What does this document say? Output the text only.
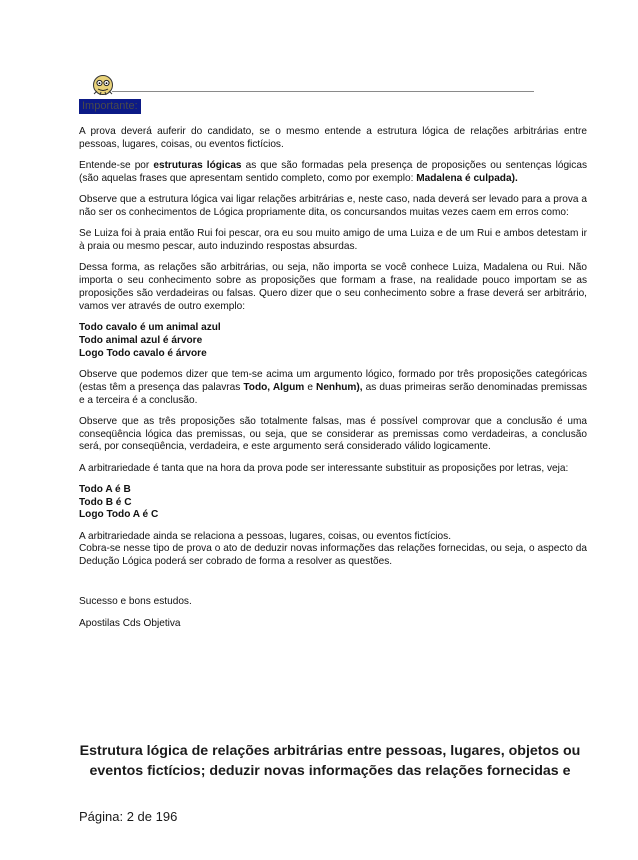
Importante:

A prova deverá auferir do candidato, se o mesmo entende a estrutura lógica de relações arbitrárias entre pessoas, lugares, coisas, ou eventos fictícios.

Entende-se por estruturas lógicas as que são formadas pela presença de proposições ou sentenças lógicas (são aquelas frases que apresentam sentido completo, como por exemplo: Madalena é culpada).

Observe que a estrutura lógica vai ligar relações arbitrárias e, neste caso, nada deverá ser levado para a prova a não ser os conhecimentos de Lógica propriamente dita, os concursandos muitas vezes caem em erros como:

Se Luiza foi à praia então Rui foi pescar, ora eu sou muito amigo de uma Luiza e de um Rui e ambos detestam ir à praia ou mesmo pescar, auto induzindo respostas absurdas.

Dessa forma, as relações são arbitrárias, ou seja, não importa se você conhece Luiza, Madalena ou Rui. Não importa o seu conhecimento sobre as proposições que formam a frase, na realidade pouco importam se as proposições são verdadeiras ou falsas. Quero dizer que o seu conhecimento sobre a frase deverá ser arbitrário, vamos ver através de outro exemplo:

Todo cavalo é um animal azul
Todo animal azul é árvore
Logo Todo cavalo é árvore

Observe que podemos dizer que tem-se acima um argumento lógico, formado por três proposições categóricas (estas têm a presença das palavras Todo, Algum e Nenhum), as duas primeiras serão denominadas premissas e a terceira é a conclusão.

Observe que as três proposições são totalmente falsas, mas é possível comprovar que a conclusão é uma conseqüência lógica das premissas, ou seja, que se considerar as premissas como verdadeiras, a conclusão será, por conseqüência, verdadeira, e este argumento será considerado válido logicamente.

A arbitrariedade é tanta que na hora da prova pode ser interessante substituir as proposições por letras, veja:

Todo A é B
Todo B é C
Logo Todo A é C

A arbitrariedade ainda se relaciona a pessoas, lugares, coisas, ou eventos fictícios.
Cobra-se nesse tipo de prova o ato de deduzir novas informações das relações fornecidas, ou seja, o aspecto da Dedução Lógica poderá ser cobrado de forma a resolver as questões.

Sucesso e bons estudos.

Apostilas Cds Objetiva

Estrutura lógica de relações arbitrárias entre pessoas, lugares, objetos ou eventos fictícios; deduzir novas informações das relações fornecidas e
Página: 2 de 196
